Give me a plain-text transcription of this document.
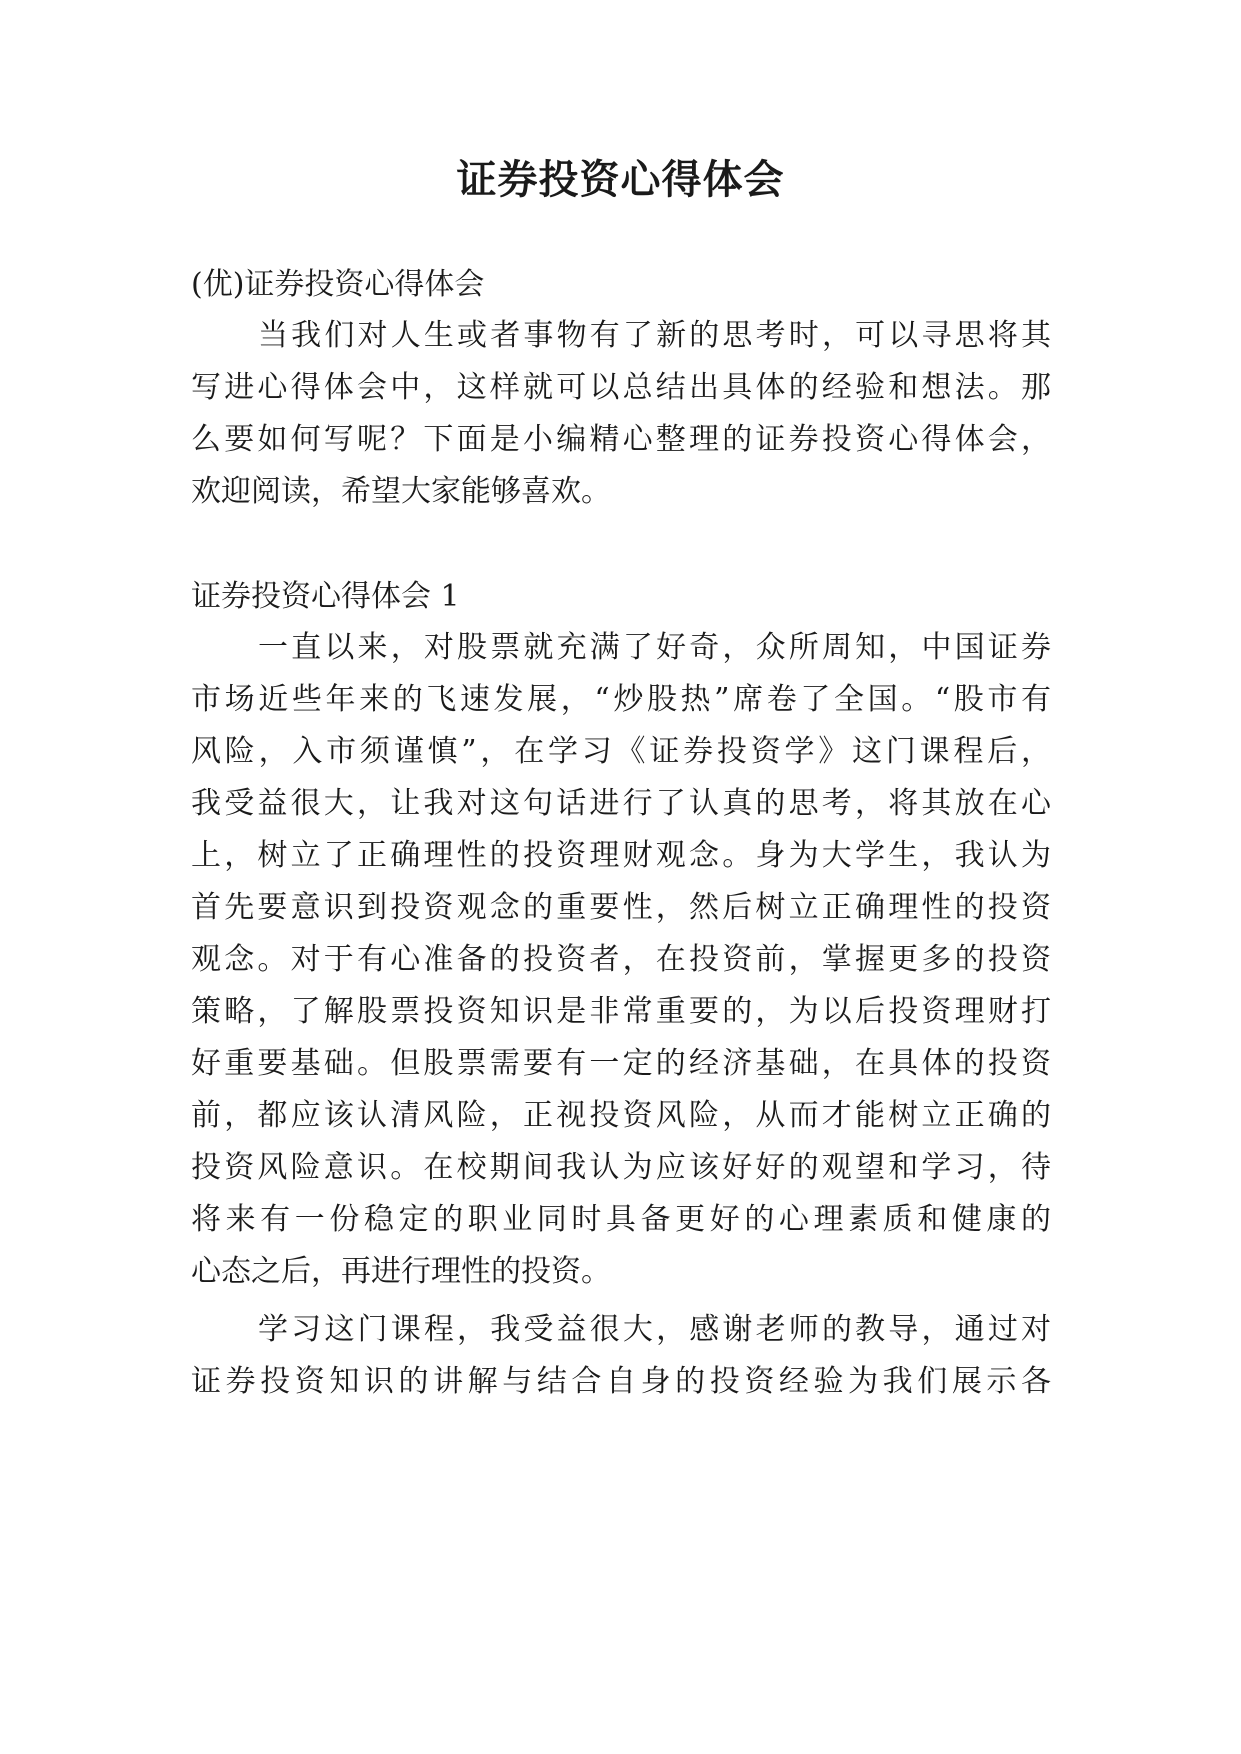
证券投资心得体会

(优)证券投资心得体会

当我们对人生或者事物有了新的思考时，可以寻思将其

写进心得体会中，这样就可以总结出具体的经验和想法。那

么要如何写呢？下面是小编精心整理的证券投资心得体会，

欢迎阅读，希望大家能够喜欢。

证券投资心得体会 1

一直以来，对股票就充满了好奇，众所周知，中国证券

市场近些年来的飞速发展，“炒股热”席卷了全国。“股市有

风险，入市须谨慎”，在学习《证券投资学》这门课程后，

我受益很大，让我对这句话进行了认真的思考，将其放在心

上，树立了正确理性的投资理财观念。身为大学生，我认为

首先要意识到投资观念的重要性，然后树立正确理性的投资

观念。对于有心准备的投资者，在投资前，掌握更多的投资

策略，了解股票投资知识是非常重要的，为以后投资理财打

好重要基础。但股票需要有一定的经济基础，在具体的投资

前，都应该认清风险，正视投资风险，从而才能树立正确的

投资风险意识。在校期间我认为应该好好的观望和学习，待

将来有一份稳定的职业同时具备更好的心理素质和健康的

心态之后，再进行理性的投资。

学习这门课程，我受益很大，感谢老师的教导，通过对

证券投资知识的讲解与结合自身的投资经验为我们展示各
